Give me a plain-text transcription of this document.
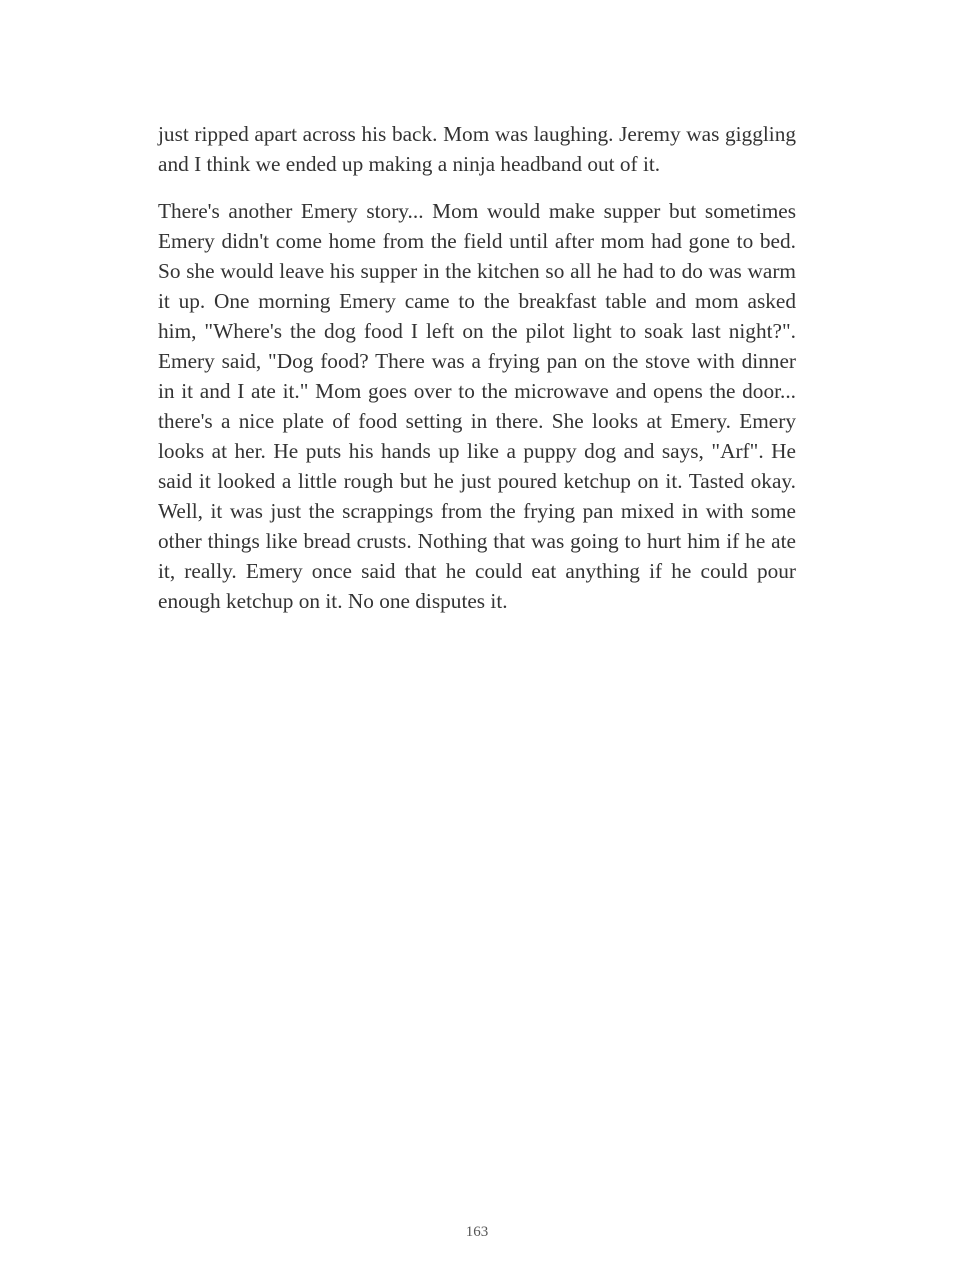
just ripped apart across his back. Mom was laughing. Jeremy was giggling and I think we ended up making a ninja headband out of it.

There's another Emery story... Mom would make supper but sometimes Emery didn't come home from the field until after mom had gone to bed. So she would leave his supper in the kitchen so all he had to do was warm it up. One morning Emery came to the breakfast table and mom asked him, "Where's the dog food I left on the pilot light to soak last night?". Emery said, "Dog food? There was a frying pan on the stove with dinner in it and I ate it." Mom goes over to the microwave and opens the door... there's a nice plate of food setting in there. She looks at Emery. Emery looks at her. He puts his hands up like a puppy dog and says, "Arf". He said it looked a little rough but he just poured ketchup on it. Tasted okay. Well, it was just the scrappings from the frying pan mixed in with some other things like bread crusts. Nothing that was going to hurt him if he ate it, really. Emery once said that he could eat anything if he could pour enough ketchup on it. No one disputes it.

163
